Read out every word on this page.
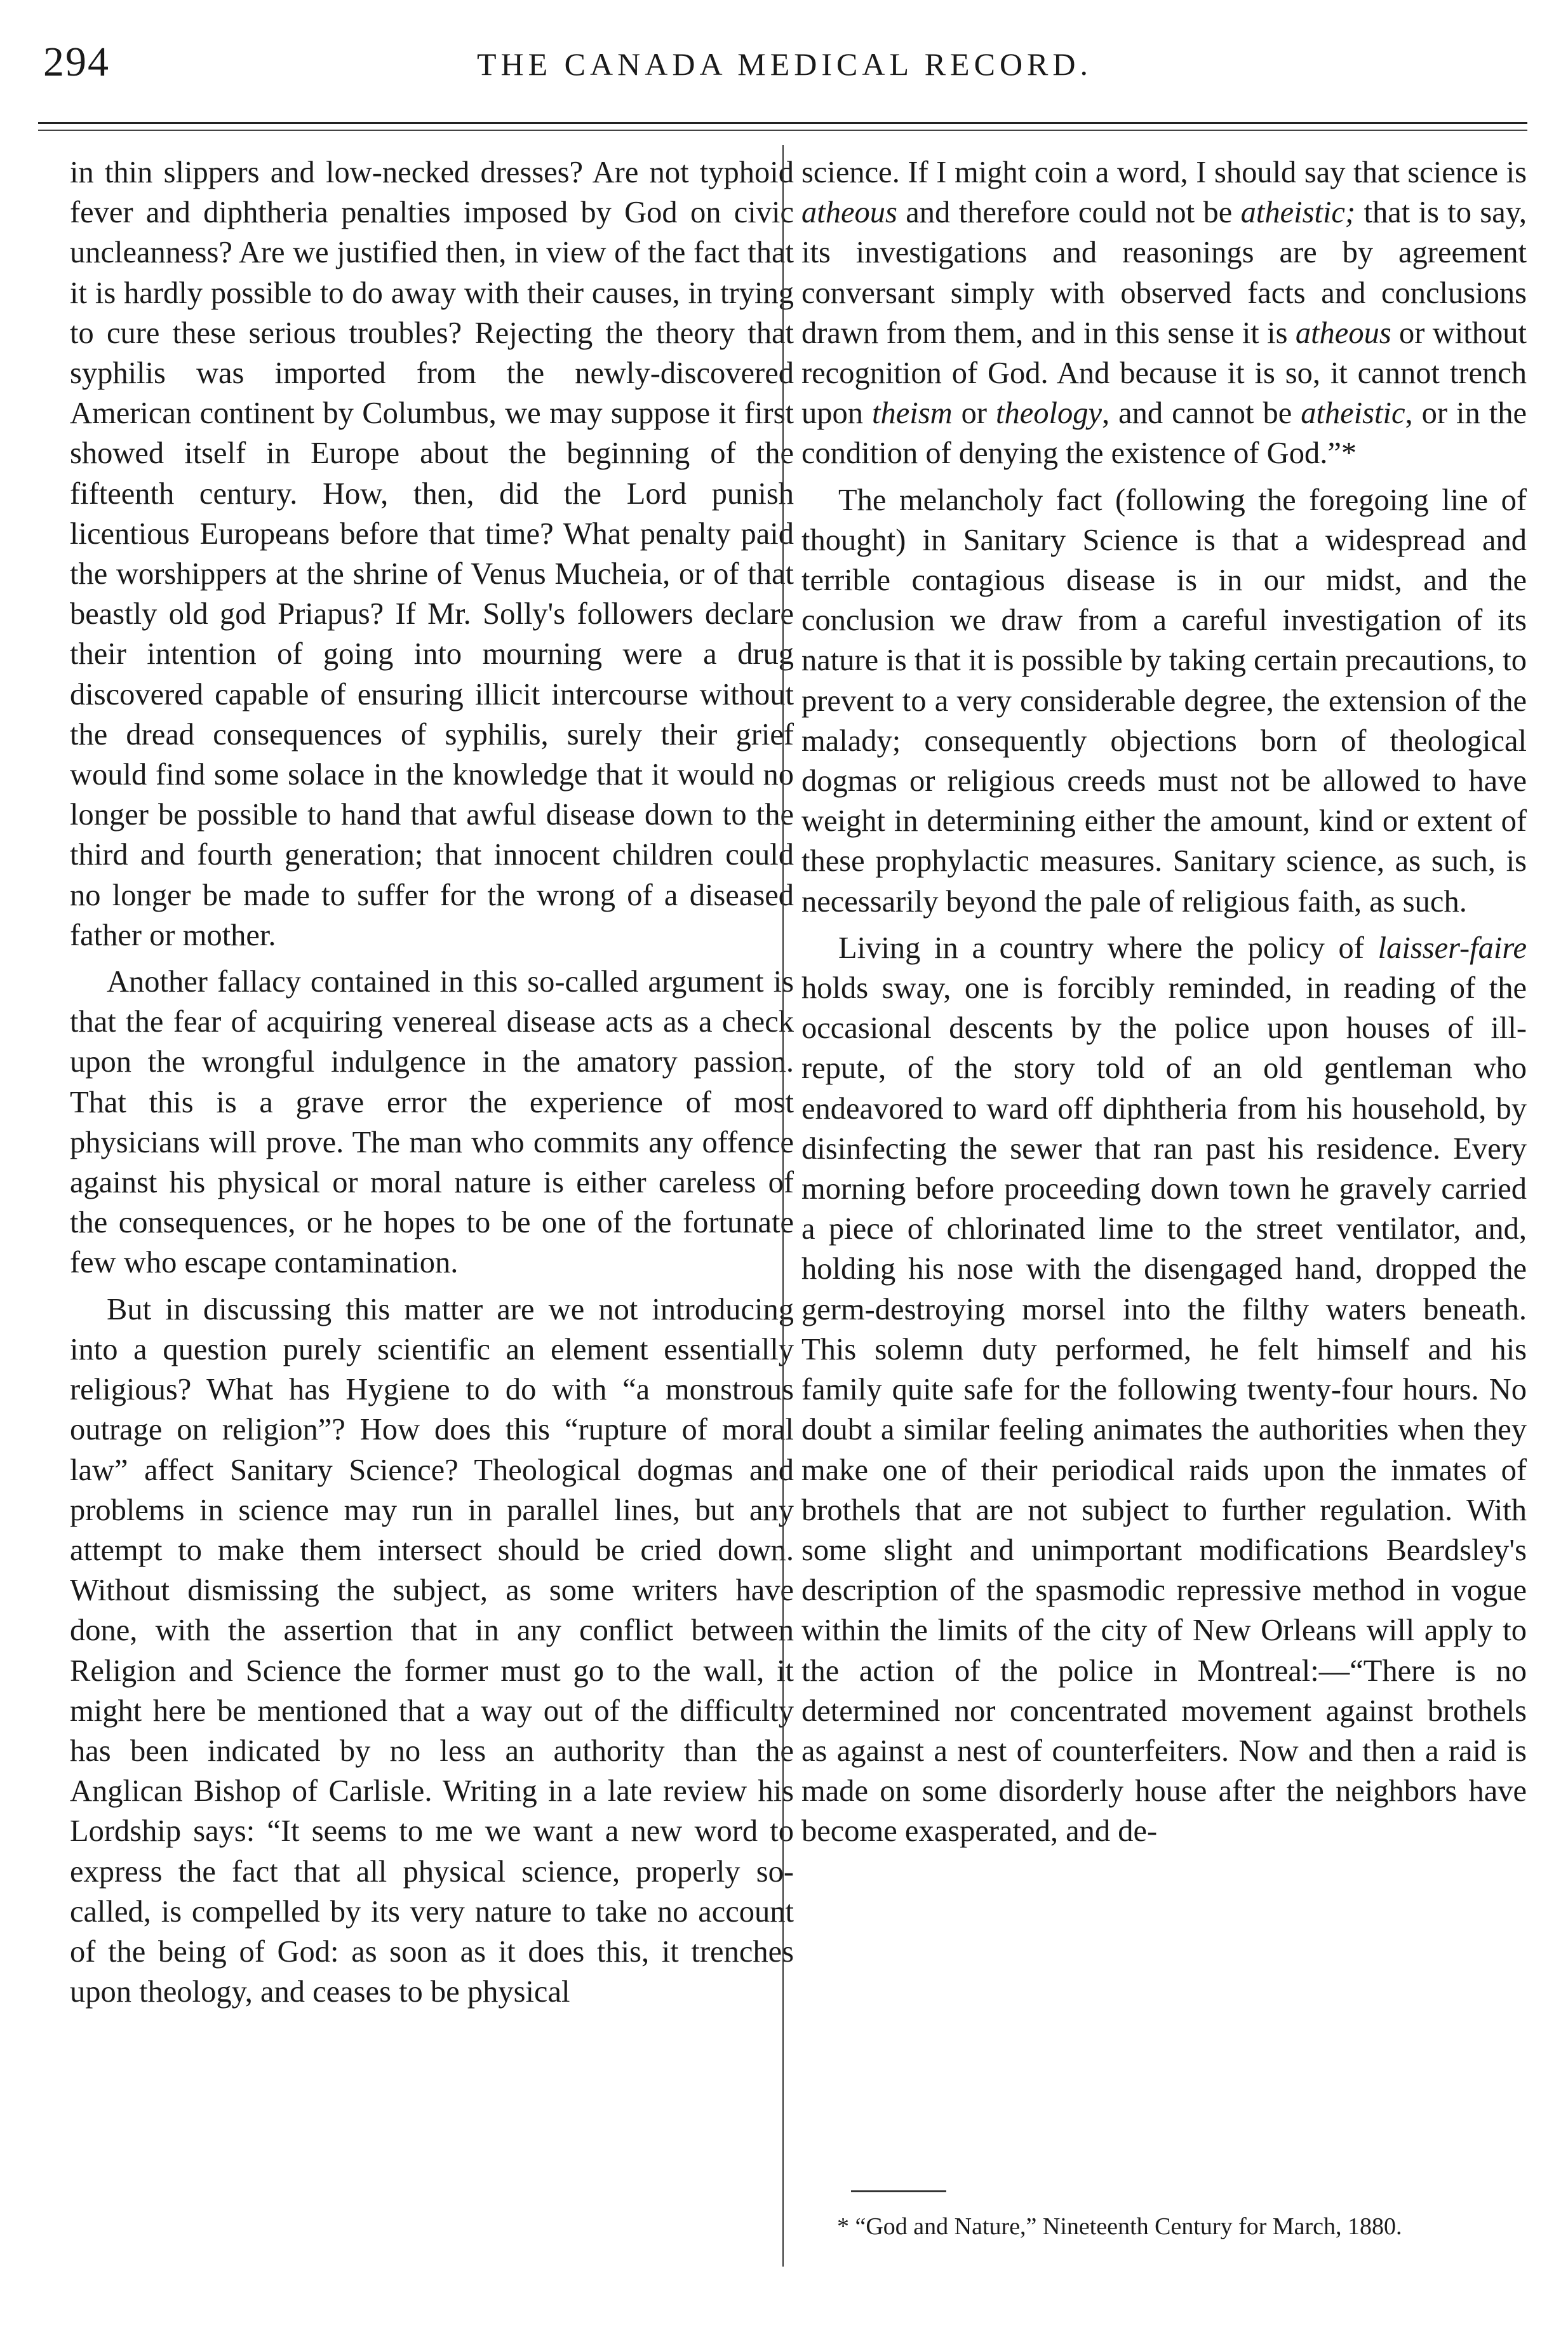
294	THE CANADA MEDICAL RECORD.

in thin slippers and low-necked dresses? Are not typhoid fever and diphtheria penalties imposed by God on civic uncleanness? Are we justified then, in view of the fact that it is hardly possible to do away with their causes, in trying to cure these serious troubles? Rejecting the theory that syphilis was imported from the newly-discovered American continent by Columbus, we may suppose it first showed itself in Europe about the beginning of the fifteenth century. How, then, did the Lord punish licentious Europeans before that time? What penalty paid the worshippers at the shrine of Venus Mucheia, or of that beastly old god Priapus? If Mr. Solly's followers declare their intention of going into mourning were a drug discovered capable of ensuring illicit intercourse without the dread consequences of syphilis, surely their grief would find some solace in the knowledge that it would no longer be possible to hand that awful disease down to the third and fourth generation; that innocent children could no longer be made to suffer for the wrong of a diseased father or mother.

Another fallacy contained in this so-called argument is that the fear of acquiring venereal disease acts as a check upon the wrongful indulgence in the amatory passion. That this is a grave error the experience of most physicians will prove. The man who commits any offence against his physical or moral nature is either careless of the consequences, or he hopes to be one of the fortunate few who escape contamination.

But in discussing this matter are we not introducing into a question purely scientific an element essentially religious? What has Hygiene to do with “a monstrous outrage on religion”? How does this “rupture of moral law” affect Sanitary Science? Theological dogmas and problems in science may run in parallel lines, but any attempt to make them intersect should be cried down. Without dismissing the subject, as some writers have done, with the assertion that in any conflict between Religion and Science the former must go to the wall, it might here be mentioned that a way out of the difficulty has been indicated by no less an authority than the Anglican Bishop of Carlisle. Writing in a late review his Lordship says: “It seems to me we want a new word to express the fact that all physical science, properly so-called, is compelled by its very nature to take no account of the being of God: as soon as it does this, it trenches upon theology, and ceases to be physical

science. If I might coin a word, I should say that science is atheous and therefore could not be atheistic; that is to say, its investigations and reasonings are by agreement conversant simply with observed facts and conclusions drawn from them, and in this sense it is atheous or without recognition of God. And because it is so, it cannot trench upon theism or theology, and cannot be atheistic, or in the condition of denying the existence of God.”*

The melancholy fact (following the foregoing line of thought) in Sanitary Science is that a widespread and terrible contagious disease is in our midst, and the conclusion we draw from a careful investigation of its nature is that it is possible by taking certain precautions, to prevent to a very considerable degree, the extension of the malady; consequently objections born of theological dogmas or religious creeds must not be allowed to have weight in determining either the amount, kind or extent of these prophylactic measures. Sanitary science, as such, is necessarily beyond the pale of religious faith, as such.

Living in a country where the policy of laisser-faire holds sway, one is forcibly reminded, in reading of the occasional descents by the police upon houses of ill-repute, of the story told of an old gentleman who endeavored to ward off diphtheria from his household, by disinfecting the sewer that ran past his residence. Every morning before proceeding down town he gravely carried a piece of chlorinated lime to the street ventilator, and, holding his nose with the disengaged hand, dropped the germ-destroying morsel into the filthy waters beneath. This solemn duty performed, he felt himself and his family quite safe for the following twenty-four hours. No doubt a similar feeling animates the authorities when they make one of their periodical raids upon the inmates of brothels that are not subject to further regulation. With some slight and unimportant modifications Beardsley's description of the spasmodic repressive method in vogue within the limits of the city of New Orleans will apply to the action of the police in Montreal:—“There is no determined nor concentrated movement against brothels as against a nest of counterfeiters. Now and then a raid is made on some disorderly house after the neighbors have become exasperated, and de-

* “God and Nature,” Nineteenth Century for March, 1880.
